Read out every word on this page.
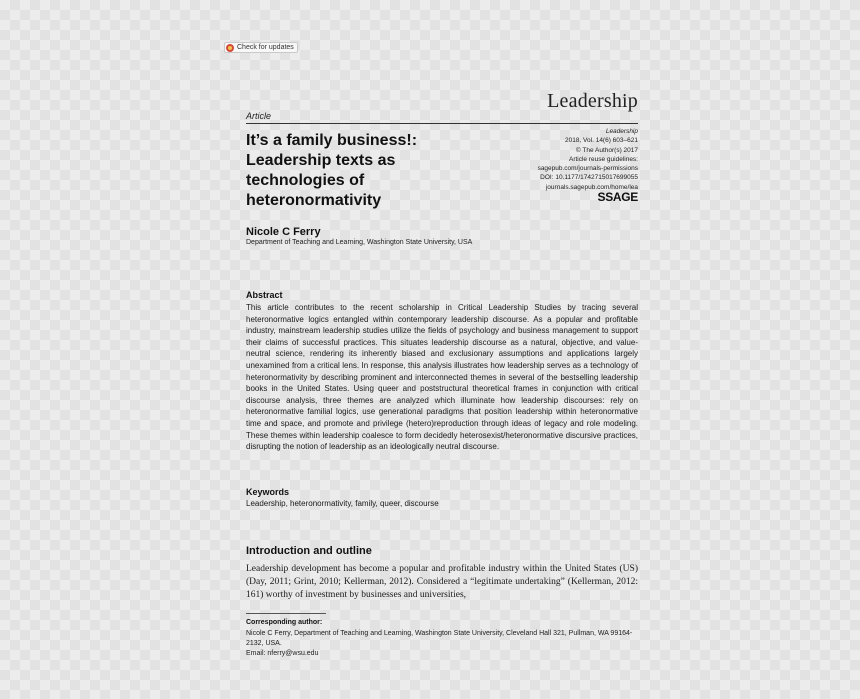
Check for updates
Article
Leadership
It’s a family business!: Leadership texts as technologies of heteronormativity
Leadership
2018, Vol. 14(6) 603–621
© The Author(s) 2017
Article reuse guidelines:
sagepub.com/journals-permissions
DOI: 10.1177/1742715017699055
journals.sagepub.com/home/lea
SSAGE
Nicole C Ferry
Department of Teaching and Learning, Washington State University, USA
Abstract

This article contributes to the recent scholarship in Critical Leadership Studies by tracing several heteronormative logics entangled within contemporary leadership discourse. As a popular and profitable industry, mainstream leadership studies utilize the fields of psychology and business management to support their claims of successful practices. This situates leadership discourse as a natural, objective, and value-neutral science, rendering its inherently biased and exclusionary assumptions and applications largely unexamined from a critical lens. In response, this analysis illustrates how leadership serves as a technology of heteronormativity by describing prominent and interconnected themes in several of the bestselling leadership books in the United States. Using queer and poststructural theoretical frames in conjunction with critical discourse analysis, three themes are analyzed which illuminate how leadership discourses: rely on heteronormative familial logics, use generational paradigms that position leadership within heteronormative time and space, and promote and privilege (hetero)reproduction through ideas of legacy and role modeling. These themes within leadership coalesce to form decidedly heterosexist/heteronormative discursive practices, disrupting the notion of leadership as an ideologically neutral discourse.

Keywords
Leadership, heteronormativity, family, queer, discourse
Introduction and outline

Leadership development has become a popular and profitable industry within the United States (US) (Day, 2011; Grint, 2010; Kellerman, 2012). Considered a “legitimate undertaking” (Kellerman, 2012: 161) worthy of investment by businesses and universities,

Corresponding author:
Nicole C Ferry, Department of Teaching and Learning, Washington State University, Cleveland Hall 321, Pullman, WA 99164-2132, USA.
Email: nferry@wsu.edu
